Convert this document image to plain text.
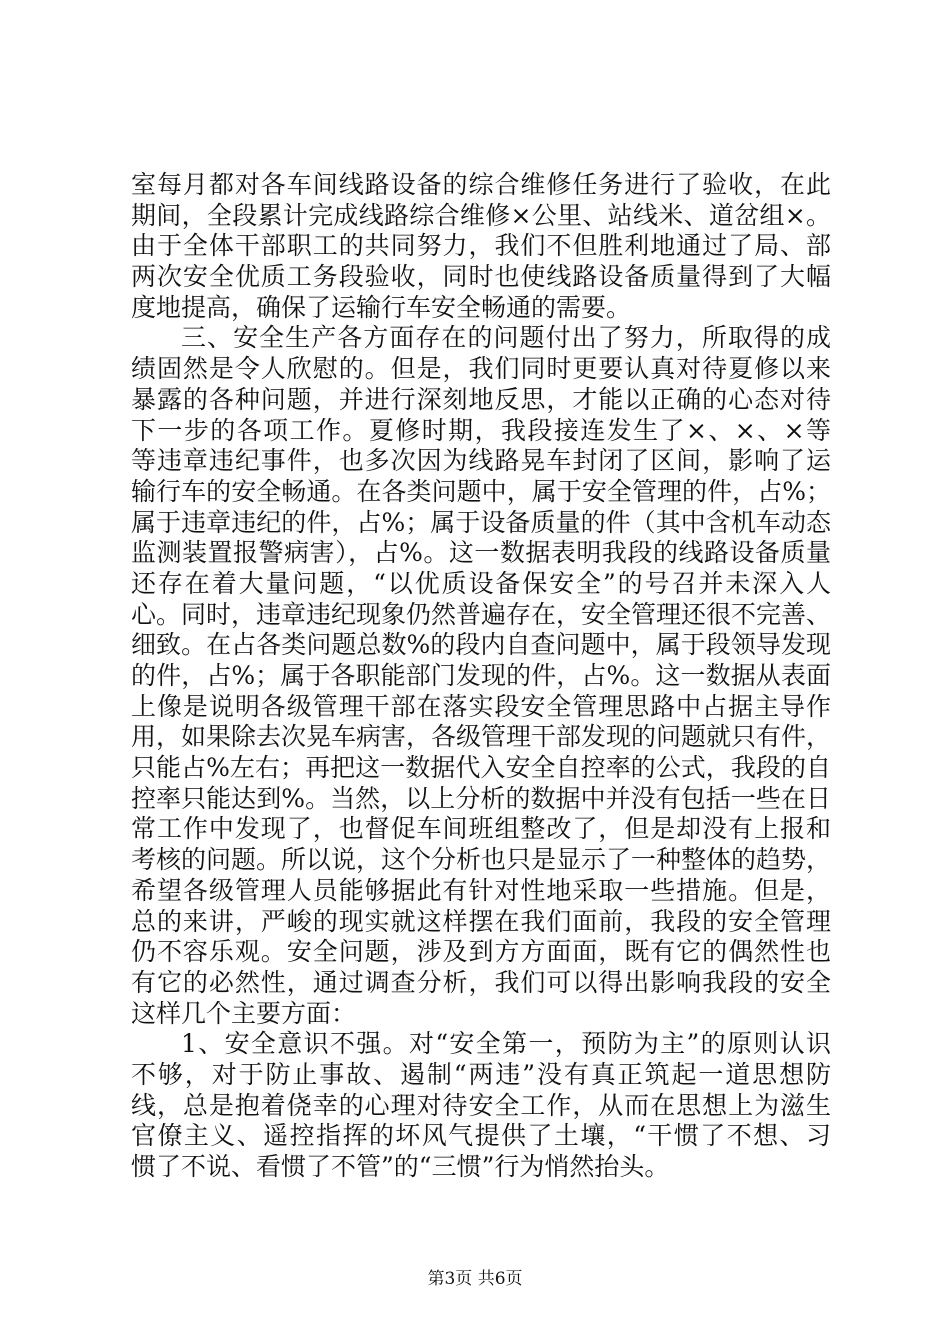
室每月都对各车间线路设备的综合维修任务进行了验收，在此
期间，全段累计完成线路综合维修×公里、站线米、道岔组×。
由于全体干部职工的共同努力，我们不但胜利地通过了局、部
两次安全优质工务段验收，同时也使线路设备质量得到了大幅
度地提高，确保了运输行车安全畅通的需要。
三、安全生产各方面存在的问题付出了努力，所取得的成
绩固然是令人欣慰的。但是，我们同时更要认真对待夏修以来
暴露的各种问题，并进行深刻地反思，才能以正确的心态对待
下一步的各项工作。夏修时期，我段接连发生了×、×、×等
等违章违纪事件，也多次因为线路晃车封闭了区间，影响了运
输行车的安全畅通。在各类问题中，属于安全管理的件，占%；
属于违章违纪的件，占%；属于设备质量的件（其中含机车动态
监测装置报警病害），占%。这一数据表明我段的线路设备质量
还存在着大量问题，“以优质设备保安全”的号召并未深入人
心。同时，违章违纪现象仍然普遍存在，安全管理还很不完善、
细致。在占各类问题总数%的段内自查问题中，属于段领导发现
的件，占%；属于各职能部门发现的件，占%。这一数据从表面
上像是说明各级管理干部在落实段安全管理思路中占据主导作
用，如果除去次晃车病害，各级管理干部发现的问题就只有件，
只能占%左右；再把这一数据代入安全自控率的公式，我段的自
控率只能达到%。当然，以上分析的数据中并没有包括一些在日
常工作中发现了，也督促车间班组整改了，但是却没有上报和
考核的问题。所以说，这个分析也只是显示了一种整体的趋势，
希望各级管理人员能够据此有针对性地采取一些措施。但是，
总的来讲，严峻的现实就这样摆在我们面前，我段的安全管理
仍不容乐观。安全问题，涉及到方方面面，既有它的偶然性也
有它的必然性，通过调查分析，我们可以得出影响我段的安全
这样几个主要方面：
1、安全意识不强。对“安全第一，预防为主”的原则认识
不够，对于防止事故、遏制“两违”没有真正筑起一道思想防
线，总是抱着侥幸的心理对待安全工作，从而在思想上为滋生
官僚主义、遥控指挥的坏风气提供了土壤，“干惯了不想、习
惯了不说、看惯了不管”的“三惯”行为悄然抬头。
第3页 共6页
